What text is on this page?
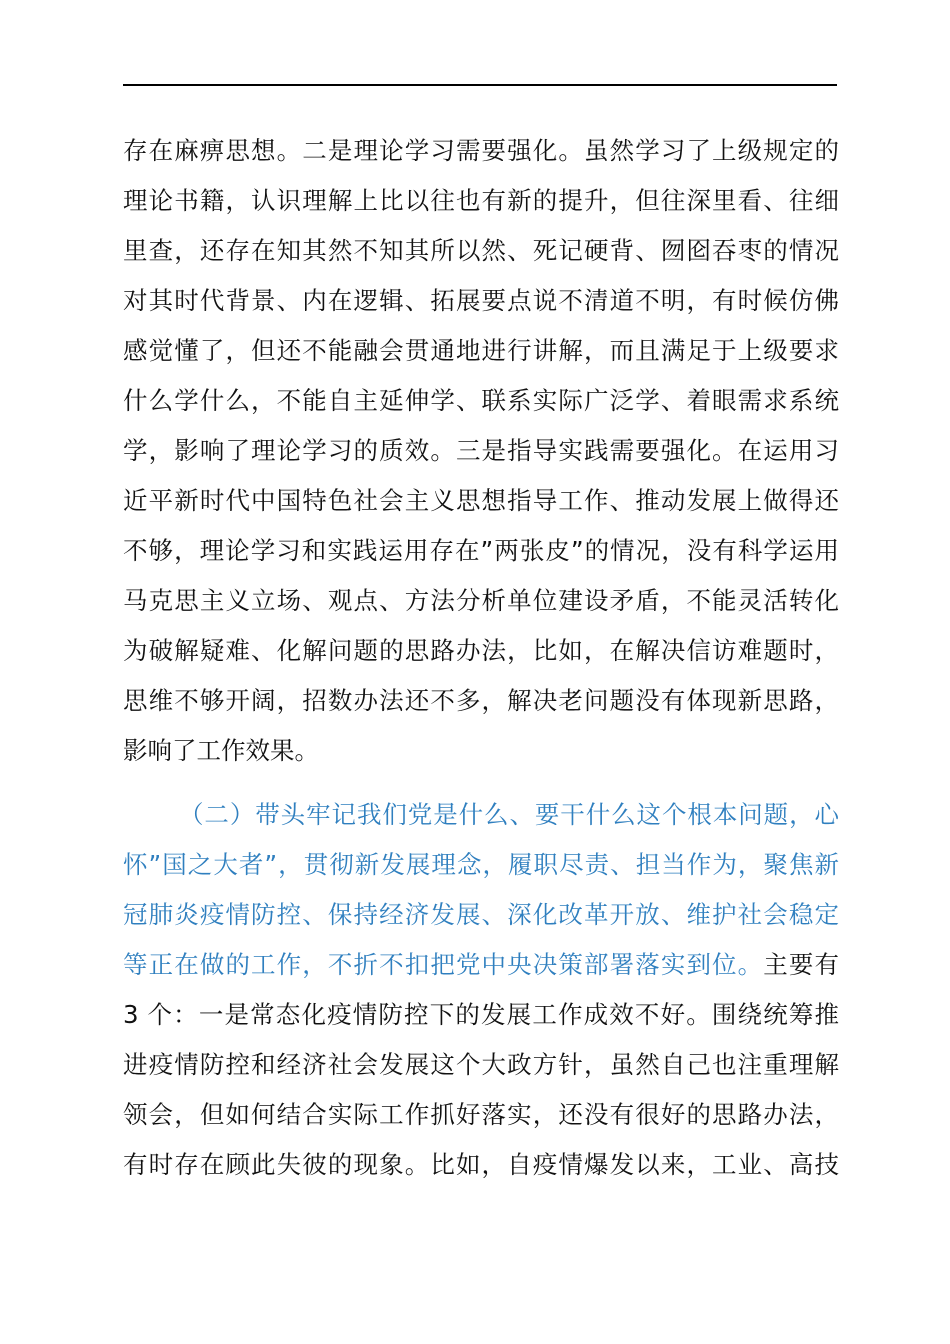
存在麻痹思想。二是理论学习需要强化。虽然学习了上级规定的
理论书籍，认识理解上比以往也有新的提升，但往深里看、往细
里查，还存在知其然不知其所以然、死记硬背、囫囵吞枣的情况
对其时代背景、内在逻辑、拓展要点说不清道不明，有时候仿佛
感觉懂了，但还不能融会贯通地进行讲解，而且满足于上级要求
什么学什么，不能自主延伸学、联系实际广泛学、着眼需求系统
学，影响了理论学习的质效。三是指导实践需要强化。在运用习
近平新时代中国特色社会主义思想指导工作、推动发展上做得还
不够，理论学习和实践运用存在”两张皮”的情况，没有科学运用
马克思主义立场、观点、方法分析单位建设矛盾，不能灵活转化
为破解疑难、化解问题的思路办法，比如，在解决信访难题时，
思维不够开阔，招数办法还不多，解决老问题没有体现新思路，
影响了工作效果。
（二）带头牢记我们党是什么、要干什么这个根本问题，心
怀”国之大者”，贯彻新发展理念，履职尽责、担当作为，聚焦新
冠肺炎疫情防控、保持经济发展、深化改革开放、维护社会稳定
等正在做的工作，不折不扣把党中央决策部署落实到位。主要有
3 个：一是常态化疫情防控下的发展工作成效不好。围绕统筹推
进疫情防控和经济社会发展这个大政方针，虽然自己也注重理解
领会，但如何结合实际工作抓好落实，还没有很好的思路办法，
有时存在顾此失彼的现象。比如，自疫情爆发以来，工业、高技
